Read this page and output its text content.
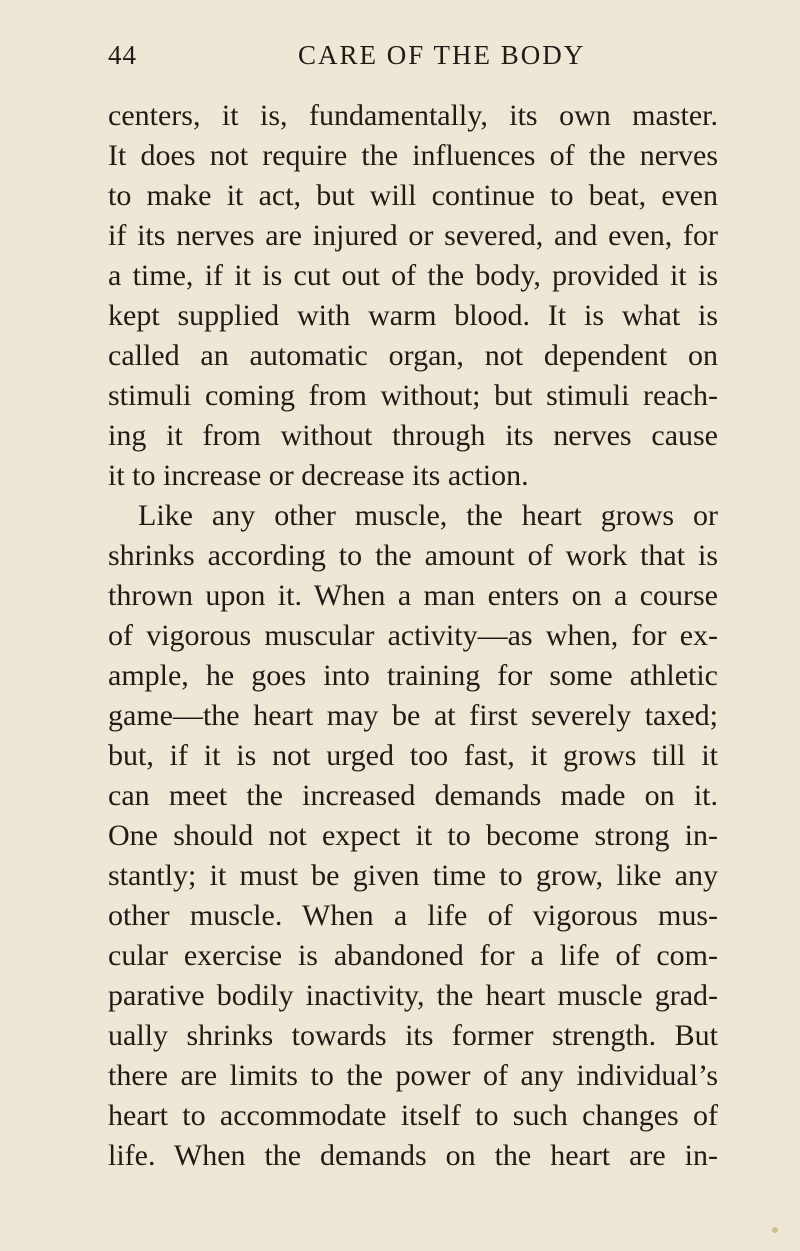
44	CARE OF THE BODY
centers, it is, fundamentally, its own master.
It does not require the influences of the nerves
to make it act, but will continue to beat, even
if its nerves are injured or severed, and even, for
a time, if it is cut out of the body, provided it is
kept supplied with warm blood. It is what is
called an automatic organ, not dependent on
stimuli coming from without; but stimuli reach-
ing it from without through its nerves cause
it to increase or decrease its action.
Like any other muscle, the heart grows or
shrinks according to the amount of work that is
thrown upon it. When a man enters on a course
of vigorous muscular activity—as when, for ex-
ample, he goes into training for some athletic
game—the heart may be at first severely taxed;
but, if it is not urged too fast, it grows till it
can meet the increased demands made on it.
One should not expect it to become strong in-
stantly; it must be given time to grow, like any
other muscle. When a life of vigorous mus-
cular exercise is abandoned for a life of com-
parative bodily inactivity, the heart muscle grad-
ually shrinks towards its former strength. But
there are limits to the power of any individual’s
heart to accommodate itself to such changes of
life. When the demands on the heart are in-
